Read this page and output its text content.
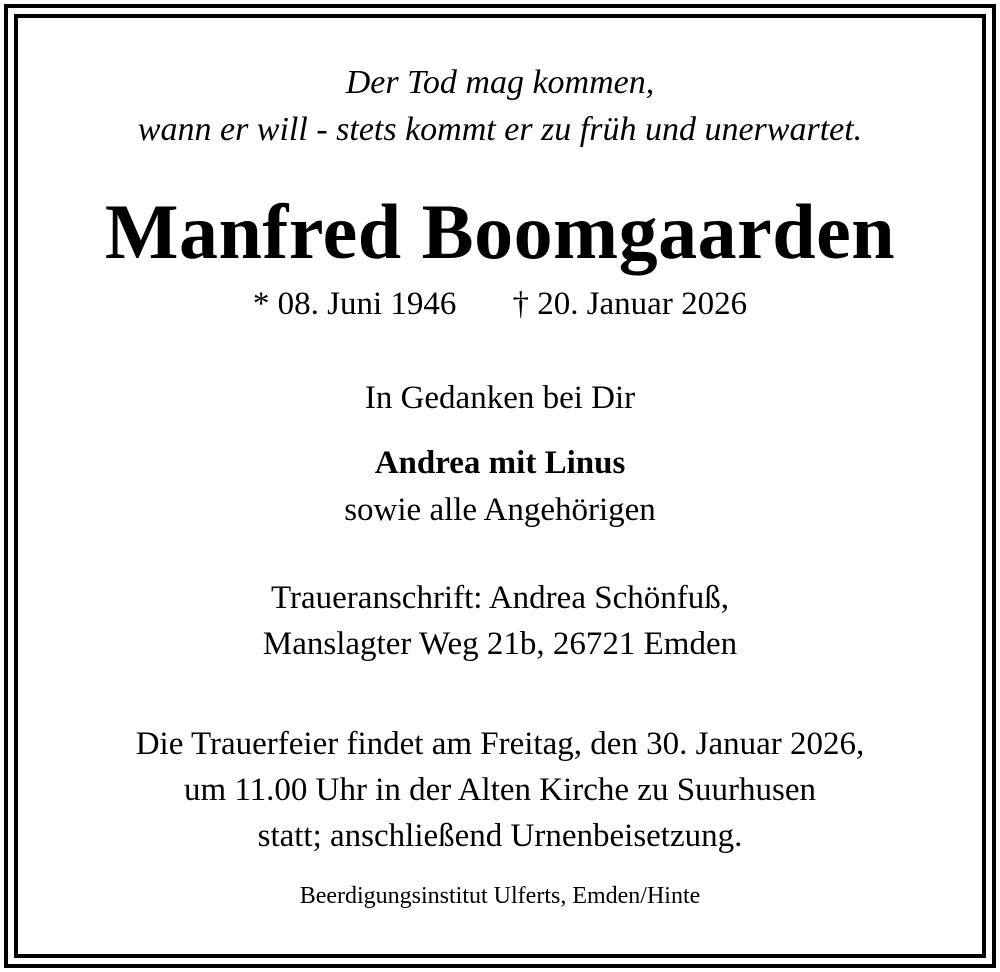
Der Tod mag kommen,
wann er will - stets kommt er zu früh und unerwartet.
Manfred Boomgaarden
* 08. Juni 1946 † 20. Januar 2026
In Gedanken bei Dir
Andrea mit Linus
sowie alle Angehörigen
Traueranschrift: Andrea Schönfuß,
Manslagter Weg 21b, 26721 Emden
Die Trauerfeier findet am Freitag, den 30. Januar 2026,
um 11.00 Uhr in der Alten Kirche zu Suurhusen
statt; anschließend Urnenbeisetzung.
Beerdigungsinstitut Ulferts, Emden/Hinte
